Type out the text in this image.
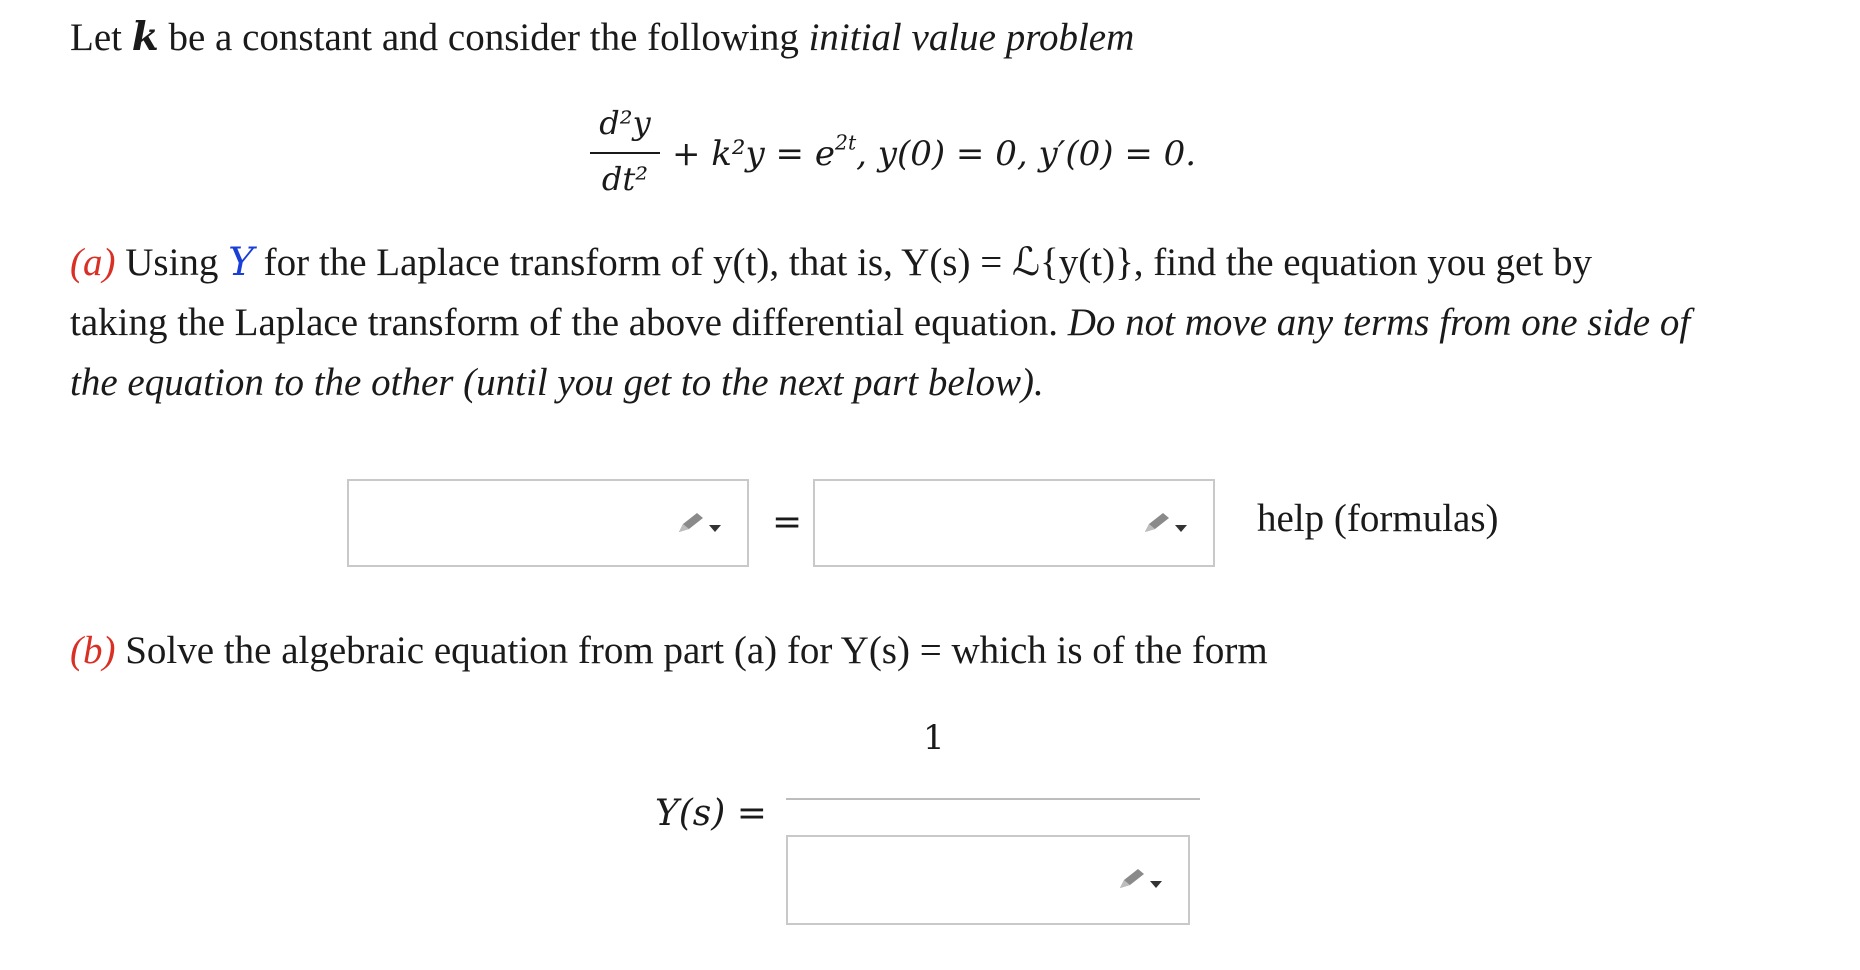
Let k be a constant and consider the following initial value problem
d²y
dt²
+ $k^2y = e^{2t}$, y(0) = 0, y′(0) = 0.
(a) Using Y for the Laplace transform of y(t), that is, Y(s) = ℒ{y(t)}, find the equation you get by
taking the Laplace transform of the above differential equation. Do not move any terms from one side of
the equation to the other (until you get to the next part below).
=	help (formulas)
(b) Solve the algebraic equation from part (a) for Y(s) = which is of the form
1
Y(s) =
